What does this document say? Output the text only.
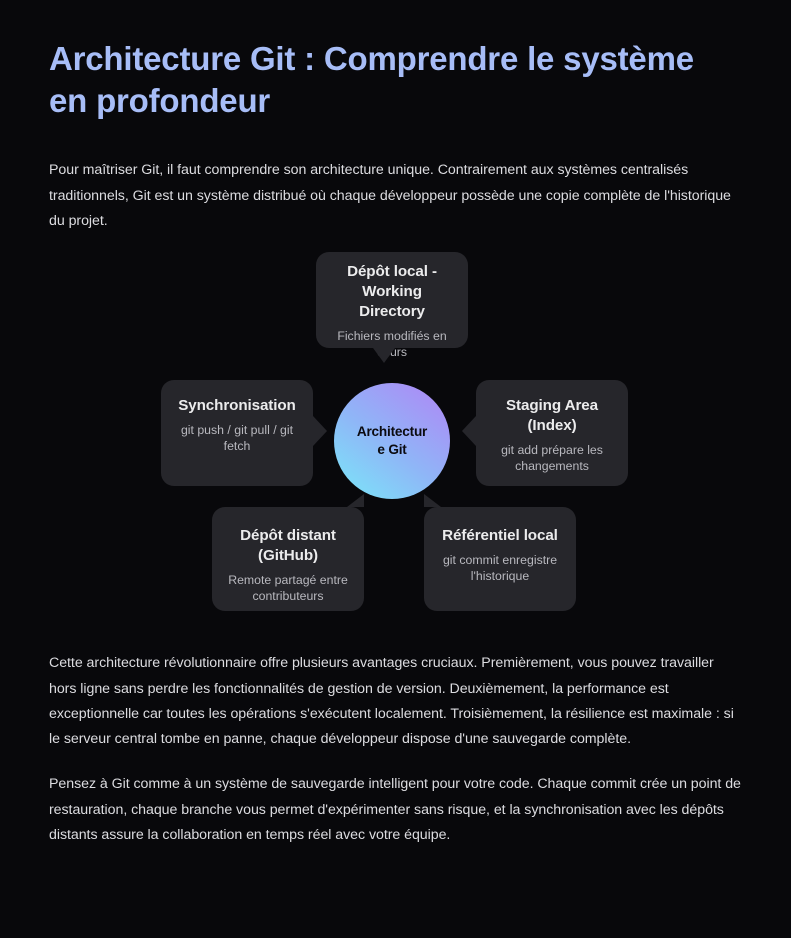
Architecture Git : Comprendre le système en profondeur

Pour maîtriser Git, il faut comprendre son architecture unique. Contrairement aux systèmes centralisés traditionnels, Git est un système distribué où chaque développeur possède une copie complète de l'historique du projet.

Dépôt local - Working Directory
Fichiers modifiés en cours
Synchronisation
git push / git pull / git fetch
Staging Area (Index)
git add prépare les changements
Dépôt distant (GitHub)
Remote partagé entre contributeurs
Référentiel local
git commit enregistre l'historique
Architecture Git

Cette architecture révolutionnaire offre plusieurs avantages cruciaux. Premièrement, vous pouvez travailler hors ligne sans perdre les fonctionnalités de gestion de version. Deuxièmement, la performance est exceptionnelle car toutes les opérations s'exécutent localement. Troisièmement, la résilience est maximale : si le serveur central tombe en panne, chaque développeur dispose d'une sauvegarde complète.

Pensez à Git comme à un système de sauvegarde intelligent pour votre code. Chaque commit crée un point de restauration, chaque branche vous permet d'expérimenter sans risque, et la synchronisation avec les dépôts distants assure la collaboration en temps réel avec votre équipe.
